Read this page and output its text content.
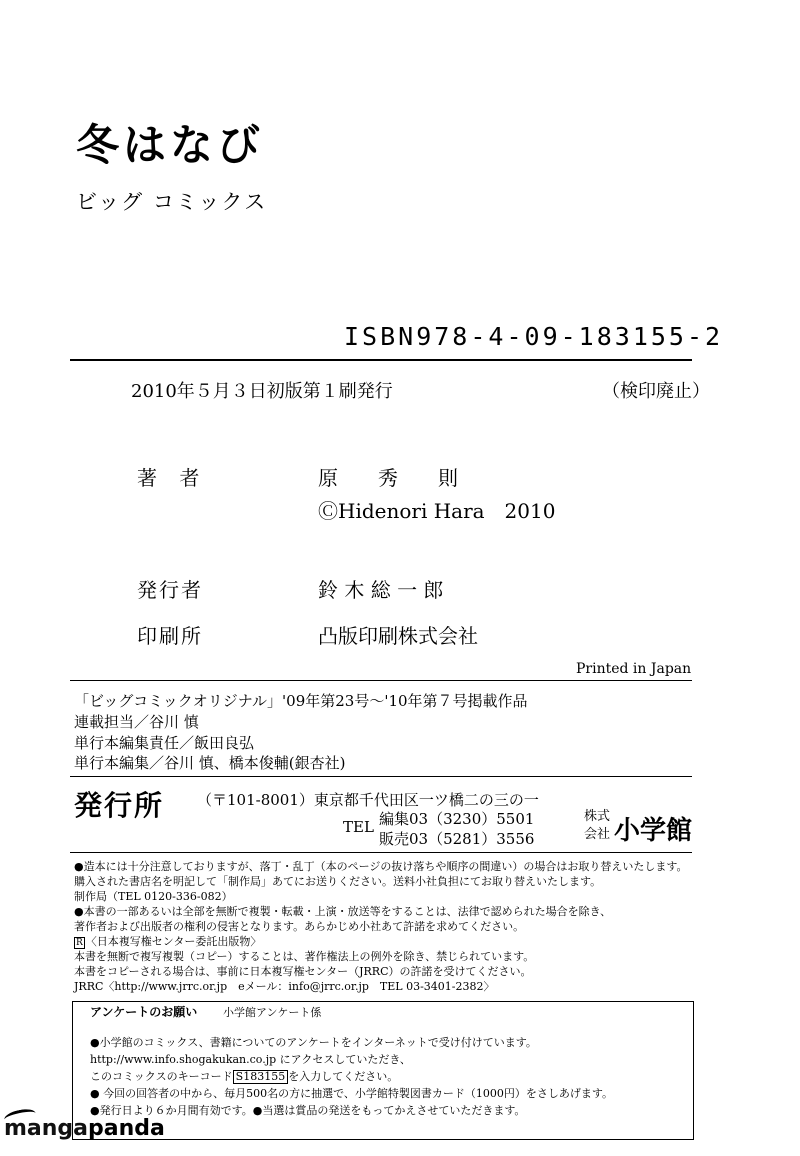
冬はなび
ビッグ コミックス
ISBN978-4-09-183155-2
2010年５月３日初版第１刷発行	（検印廃止）
著 者	原　　秀　　則
ⒸHidenori Hara　2010
発行者	鈴 木 総 一 郎
印刷所	凸版印刷株式会社
Printed in Japan
「ビッグコミックオリジナル」'09年第23号～'10年第７号掲載作品
連載担当／谷川 慎
単行本編集責任／飯田良弘
単行本編集／谷川 慎、橋本俊輔(銀杏社)
発行所 （〒101-8001）東京都千代田区一ツ橋二の三の一
TEL 編集03（3230）5501
販売03（5281）3556
株式
会社 小学館
●造本には十分注意しておりますが、落丁・乱丁（本のページの抜け落ちや順序の間違い）の場合はお取り替えいたします。
購入された書店名を明記して「制作局」あてにお送りください。送料小社負担にてお取り替えいたします。
制作局（TEL 0120-336-082）
●本書の一部あるいは全部を無断で複製・転載・上演・放送等をすることは、法律で認められた場合を除き、
著作者および出版者の権利の侵害となります。あらかじめ小社あて許諾を求めてください。
R 〈日本複写権センター委託出版物〉
本書を無断で複写複製（コピー）することは、著作権法上の例外を除き、禁じられています。
本書をコピーされる場合は、事前に日本複写権センター（JRRC）の許諾を受けてください。
JRRC〈http://www.jrrc.or.jp　eメール：info@jrrc.or.jp　TEL 03-3401-2382〉
アンケートのお願い 小学館アンケート係
●小学館のコミックス、書籍についてのアンケートをインターネットで受け付けています。
http://www.info.shogakukan.co.jp にアクセスしていただき、
このコミックスのキーコード S183155 を入力してください。
● 今回の回答者の中から、毎月500名の方に抽選で、小学館特製図書カード（1000円）をさしあげます。
●発行日より６か月間有効です。●当選は賞品の発送をもってかえさせていただきます。
mangapanda
